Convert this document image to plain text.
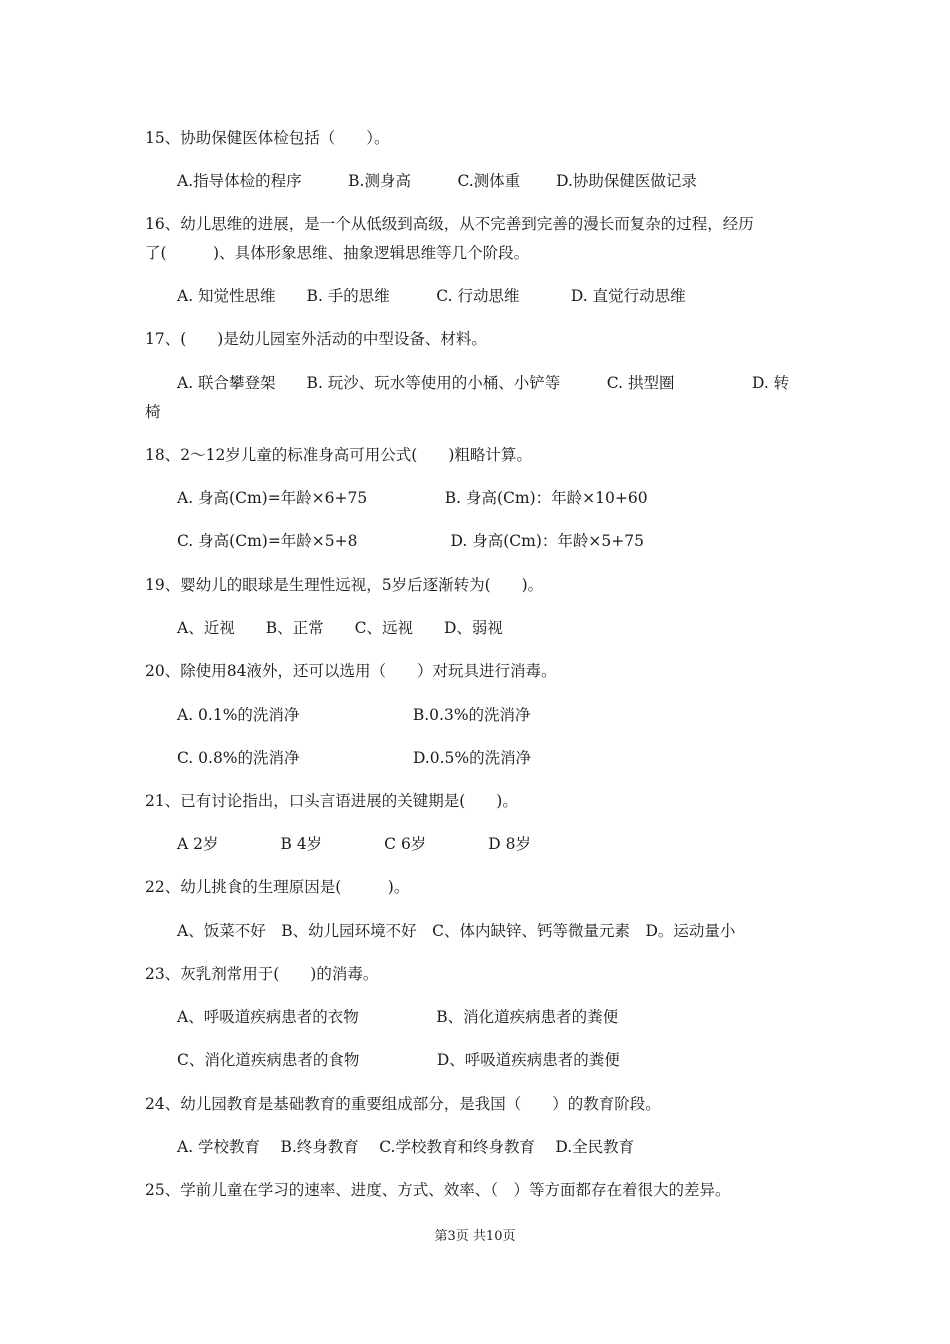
15、协助保健医体检包括（　　）。
A.指导体检的程序　　　B.测身高　　　C.测体重　　 D.协助保健医做记录
16、幼儿思维的进展，是一个从低级到高级，从不完善到完善的漫长而复杂的过程，经历
了(　　　)、具体形象思维、抽象逻辑思维等几个阶段。
A. 知觉性思维　　B. 手的思维　　　C. 行动思维　　　 D. 直觉行动思维
17、(　　)是幼儿园室外活动的中型设备、材料。
A. 联合攀登架　　B. 玩沙、玩水等使用的小桶、小铲等　　　C. 拱型圈　　　　　D. 转
椅
18、2～12岁儿童的标准身高可用公式(　　)粗略计算。
A. 身高(Cm)=年龄×6+75　　　　　B. 身高(Cm)：年龄×10+60
C. 身高(Cm)=年龄×5+8　　　　　　D. 身高(Cm)：年龄×5+75
19、婴幼儿的眼球是生理性远视，5岁后逐渐转为(　　)。
A、近视　　B、正常　　C、远视　　D、弱视
20、除使用84液外，还可以选用（　　）对玩具进行消毒。
A. 0.1%的洗消净　　　　　　　 B.0.3%的洗消净
C. 0.8%的洗消净　　　　　　　 D.0.5%的洗消净
21、已有讨论指出，口头言语进展的关键期是(　　)。
A 2岁　　　　B 4岁　　　　C 6岁　　　　D 8岁
22、幼儿挑食的生理原因是(　　　)。
A、饭菜不好　B、幼儿园环境不好　C、体内缺锌、钙等微量元素　D。运动量小
23、灰乳剂常用于(　　)的消毒。
A、呼吸道疾病患者的衣物　　　　　B、消化道疾病患者的粪便
C、消化道疾病患者的食物　　　　　D、呼吸道疾病患者的粪便
24、幼儿园教育是基础教育的重要组成部分，是我国（　　）的教育阶段。
A. 学校教育　 B.终身教育　 C.学校教育和终身教育　 D.全民教育
25、学前儿童在学习的速率、进度、方式、效率、（　）等方面都存在着很大的差异。
第3页 共10页
